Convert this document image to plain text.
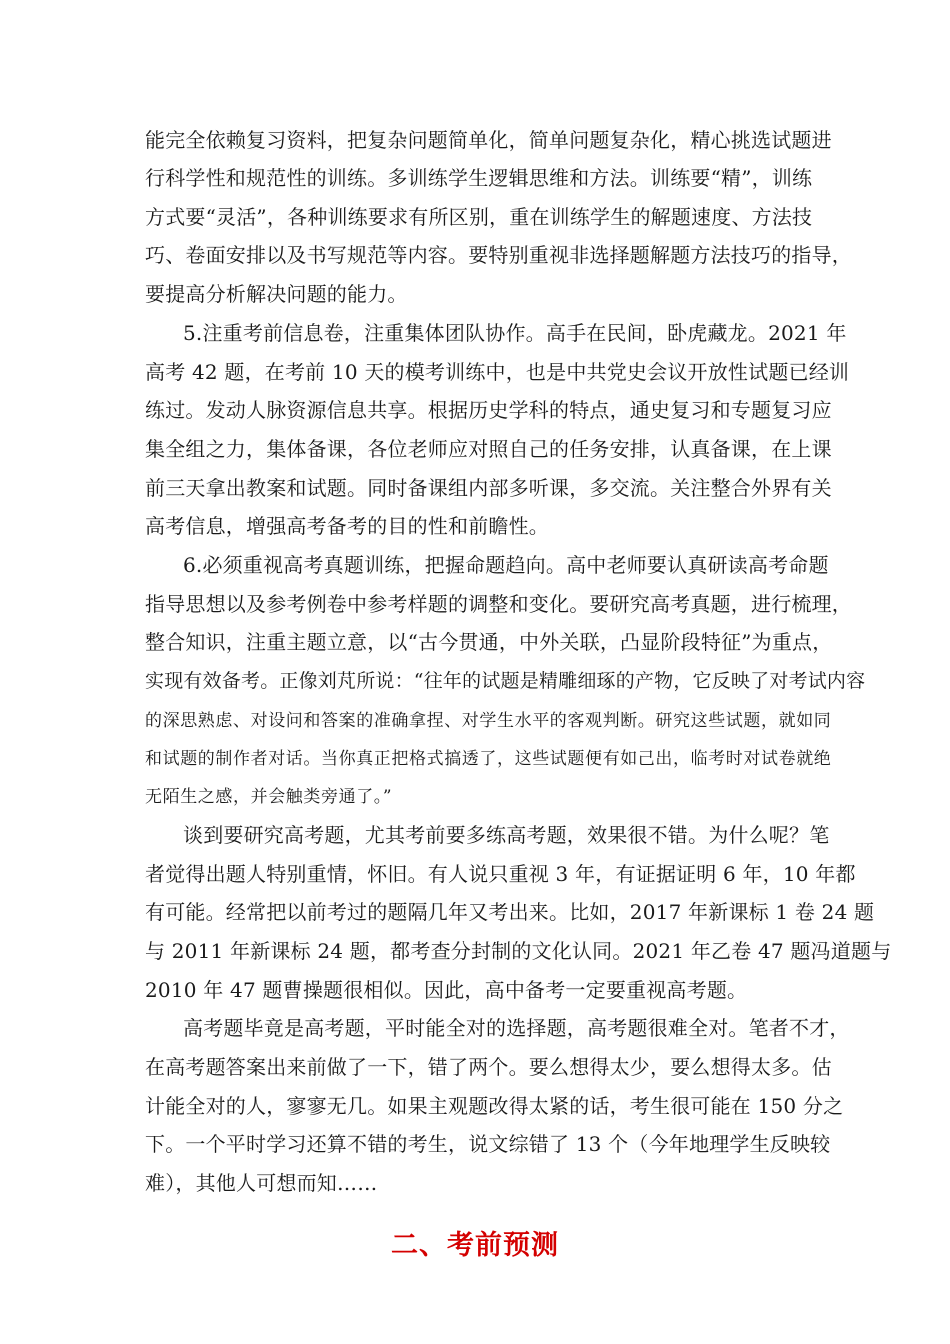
能完全依赖复习资料，把复杂问题简单化，简单问题复杂化，精心挑选试题进
行科学性和规范性的训练。多训练学生逻辑思维和方法。训练要“精”，训练
方式要“灵活”，各种训练要求有所区别，重在训练学生的解题速度、方法技
巧、卷面安排以及书写规范等内容。要特别重视非选择题解题方法技巧的指导，
要提高分析解决问题的能力。
5.注重考前信息卷，注重集体团队协作。高手在民间，卧虎藏龙。2021 年
高考 42 题，在考前 10 天的模考训练中，也是中共党史会议开放性试题已经训
练过。发动人脉资源信息共享。根据历史学科的特点，通史复习和专题复习应
集全组之力，集体备课，各位老师应对照自己的任务安排，认真备课，在上课
前三天拿出教案和试题。同时备课组内部多听课，多交流。关注整合外界有关
高考信息，增强高考备考的目的性和前瞻性。
6.必须重视高考真题训练，把握命题趋向。高中老师要认真研读高考命题
指导思想以及参考例卷中参考样题的调整和变化。要研究高考真题，进行梳理，
整合知识，注重主题立意，以“古今贯通，中外关联，凸显阶段特征”为重点，
实现有效备考。正像刘芃所说：“往年的试题是精雕细琢的产物，它反映了对考试内容
的深思熟虑、对设问和答案的准确拿捏、对学生水平的客观判断。研究这些试题，就如同
和试题的制作者对话。当你真正把格式搞透了，这些试题便有如己出，临考时对试卷就绝
无陌生之感，并会触类旁通了。”
谈到要研究高考题，尤其考前要多练高考题，效果很不错。为什么呢？笔
者觉得出题人特别重情，怀旧。有人说只重视 3 年，有证据证明 6 年，10 年都
有可能。经常把以前考过的题隔几年又考出来。比如，2017 年新课标 1 卷 24 题
与 2011 年新课标 24 题，都考查分封制的文化认同。2021 年乙卷 47 题冯道题与
2010 年 47 题曹操题很相似。因此，高中备考一定要重视高考题。
高考题毕竟是高考题，平时能全对的选择题，高考题很难全对。笔者不才，
在高考题答案出来前做了一下，错了两个。要么想得太少，要么想得太多。估
计能全对的人，寥寥无几。如果主观题改得太紧的话，考生很可能在 150 分之
下。一个平时学习还算不错的考生，说文综错了 13 个（今年地理学生反映较
难），其他人可想而知……
二、考前预测
